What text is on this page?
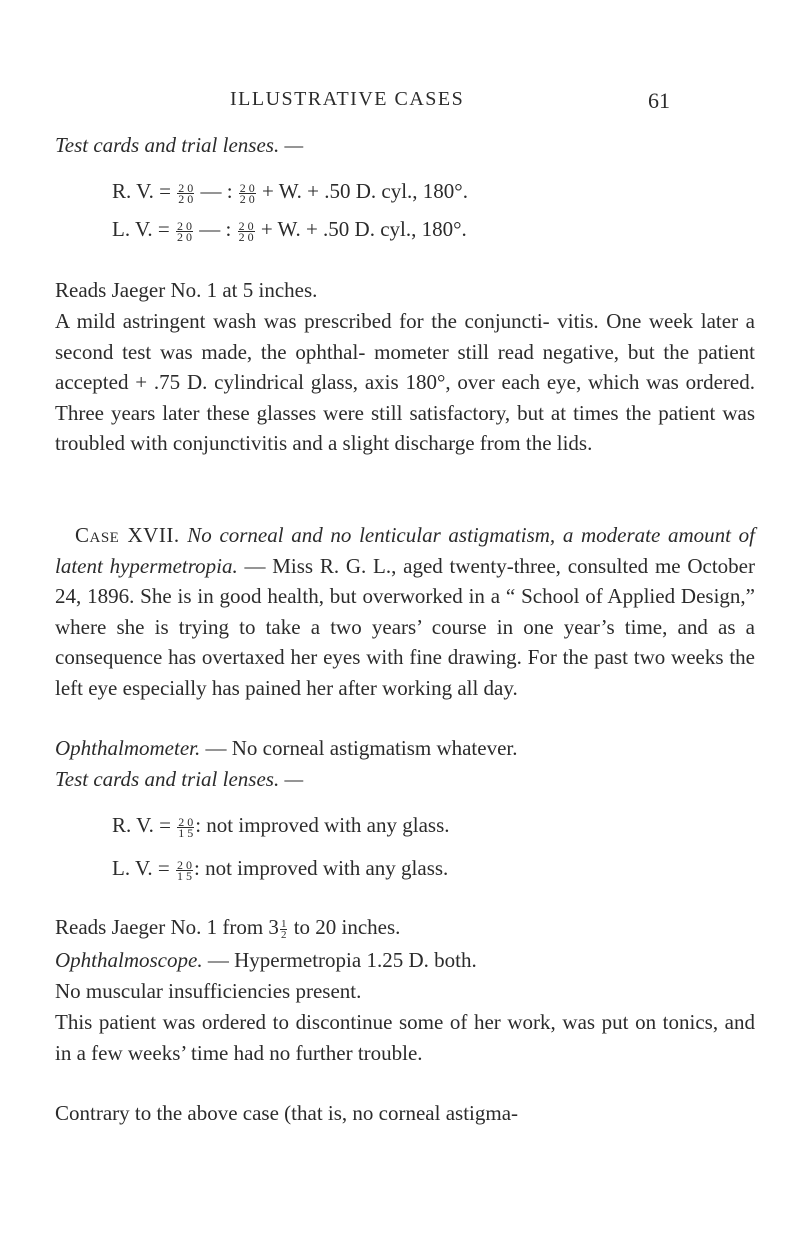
ILLUSTRATIVE CASES	61
Test cards and trial lenses. —
R. V. = $\frac{2 0}{2 0}$ — : $\frac{2 0}{2 0} + W$. + .50 D. cyl., 180°.
L. V. = $\frac{2 0}{2 0}$ — : $\frac{2 0}{2 0} + W$. + .50 D. cyl., 180°.
Reads Jaeger No. 1 at 5 inches.

A mild astringent wash was prescribed for the conjuncti- vitis. One week later a second test was made, the ophthal- mometer still read negative, but the patient accepted + .75 D. cylindrical glass, axis 180°, over each eye, which was ordered. Three years later these glasses were still satisfactory, but at times the patient was troubled with conjunctivitis and a slight discharge from the lids.

Case XVII. No corneal and no lenticular astigmatism, a moderate amount of latent hypermetropia. — Miss R. G. L., aged twenty-three, consulted me October 24, 1896. She is in good health, but overworked in a “ School of Applied Design,” where she is trying to take a two years’ course in one year’s time, and as a consequence has overtaxed her eyes with fine drawing. For the past two weeks the left eye especially has pained her after working all day.

Ophthalmometer. — No corneal astigmatism whatever.
Test cards and trial lenses. —
R. V. = $\frac{2 0}{1 5}$ : not improved with any glass.
L. V. = $\frac{2 0}{1 5}$ : not improved with any glass.
Reads Jaeger No. 1 from $3 \frac{1}{2}$ to 20 inches.
Ophthalmoscope. — Hypermetropia 1.25 D. both.
No muscular insufficiencies present.

This patient was ordered to discontinue some of her work, was put on tonics, and in a few weeks’ time had no further trouble.

Contrary to the above case (that is, no corneal astigma-
